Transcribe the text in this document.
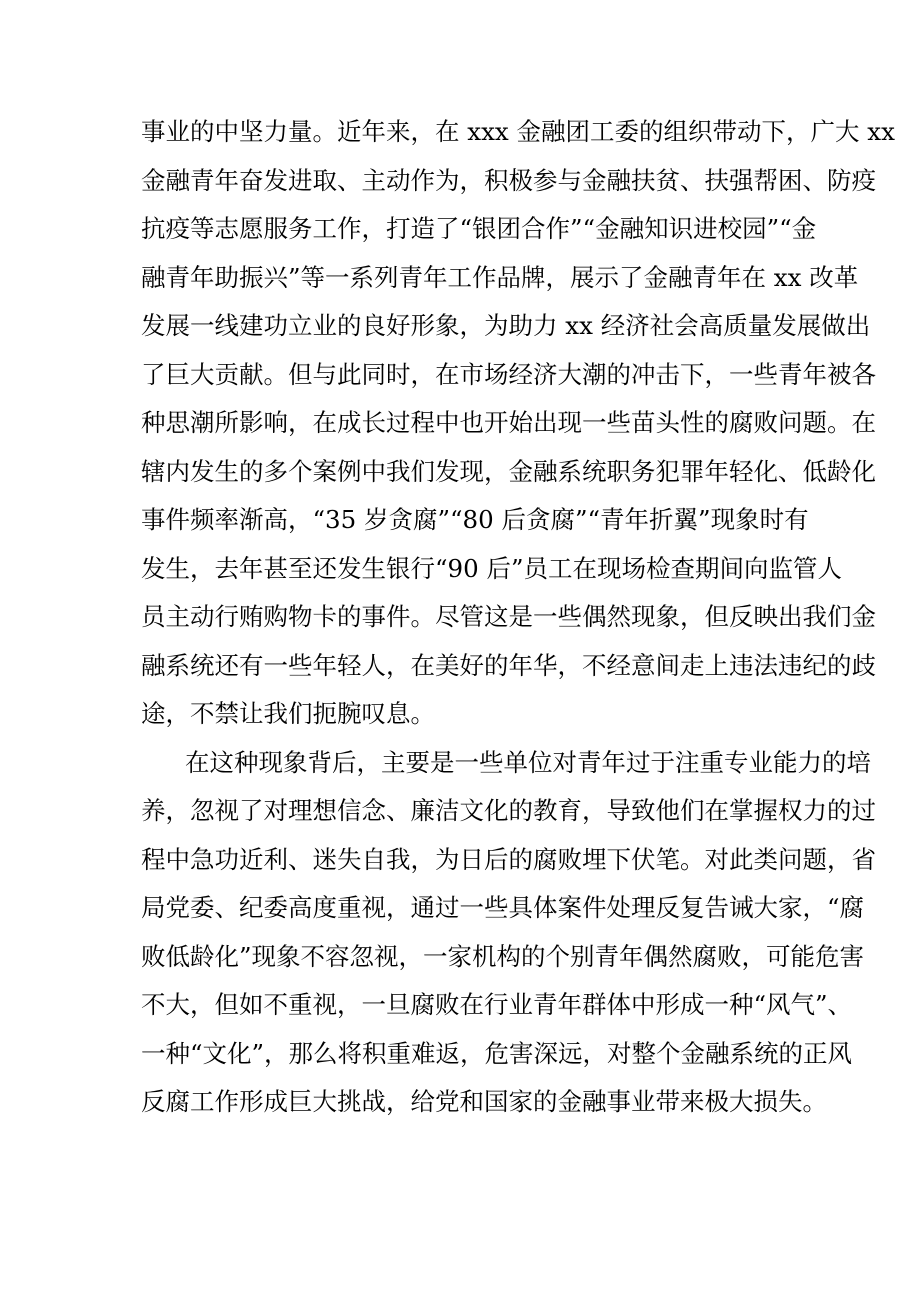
事业的中坚力量。近年来，在 xxx 金融团工委的组织带动下，广大 xx
金融青年奋发进取、主动作为，积极参与金融扶贫、扶强帮困、防疫
抗疫等志愿服务工作，打造了“银团合作”“金融知识进校园”“金
融青年助振兴”等一系列青年工作品牌，展示了金融青年在 xx 改革
发展一线建功立业的良好形象，为助力 xx 经济社会高质量发展做出
了巨大贡献。但与此同时，在市场经济大潮的冲击下，一些青年被各
种思潮所影响，在成长过程中也开始出现一些苗头性的腐败问题。在
辖内发生的多个案例中我们发现，金融系统职务犯罪年轻化、低龄化
事件频率渐高，“35 岁贪腐”“80 后贪腐”“青年折翼”现象时有
发生，去年甚至还发生银行“90 后”员工在现场检查期间向监管人
员主动行贿购物卡的事件。尽管这是一些偶然现象，但反映出我们金
融系统还有一些年轻人，在美好的年华，不经意间走上违法违纪的歧
途，不禁让我们扼腕叹息。
在这种现象背后，主要是一些单位对青年过于注重专业能力的培
养，忽视了对理想信念、廉洁文化的教育，导致他们在掌握权力的过
程中急功近利、迷失自我，为日后的腐败埋下伏笔。对此类问题，省
局党委、纪委高度重视，通过一些具体案件处理反复告诫大家，“腐
败低龄化”现象不容忽视，一家机构的个别青年偶然腐败，可能危害
不大，但如不重视，一旦腐败在行业青年群体中形成一种“风气”、
一种“文化”，那么将积重难返，危害深远，对整个金融系统的正风
反腐工作形成巨大挑战，给党和国家的金融事业带来极大损失。
